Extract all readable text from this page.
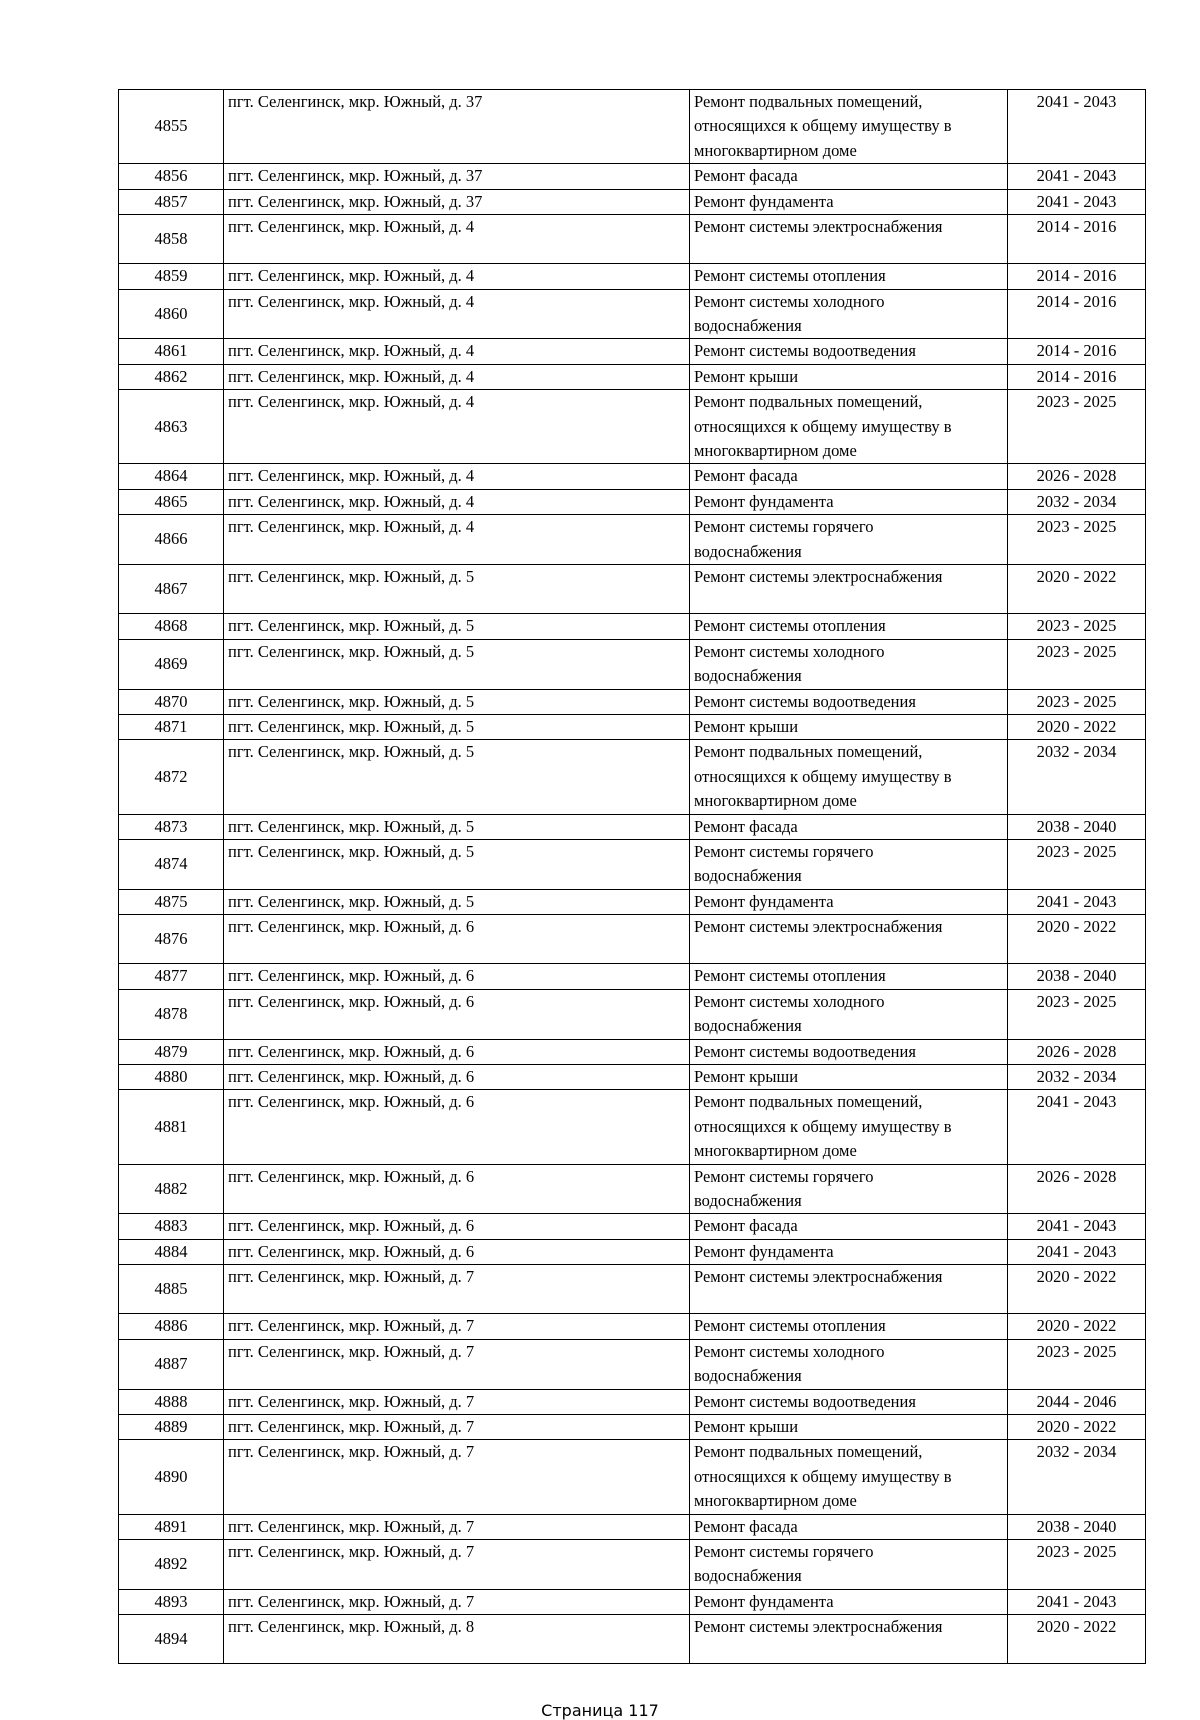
4855	пгт. Селенгинск, мкр. Южный, д. 37	Ремонт подвальных помещений,
относящихся к общему имуществу в
многоквартирном доме	2041 - 2043
4856	пгт. Селенгинск, мкр. Южный, д. 37	Ремонт фасада	2041 - 2043
4857	пгт. Селенгинск, мкр. Южный, д. 37	Ремонт фундамента	2041 - 2043
4858	пгт. Селенгинск, мкр. Южный, д. 4	Ремонт системы электроснабжения	2014 - 2016
4859	пгт. Селенгинск, мкр. Южный, д. 4	Ремонт системы отопления	2014 - 2016
4860	пгт. Селенгинск, мкр. Южный, д. 4	Ремонт системы холодного
водоснабжения	2014 - 2016
4861	пгт. Селенгинск, мкр. Южный, д. 4	Ремонт системы водоотведения	2014 - 2016
4862	пгт. Селенгинск, мкр. Южный, д. 4	Ремонт крыши	2014 - 2016
4863	пгт. Селенгинск, мкр. Южный, д. 4	Ремонт подвальных помещений,
относящихся к общему имуществу в
многоквартирном доме	2023 - 2025
4864	пгт. Селенгинск, мкр. Южный, д. 4	Ремонт фасада	2026 - 2028
4865	пгт. Селенгинск, мкр. Южный, д. 4	Ремонт фундамента	2032 - 2034
4866	пгт. Селенгинск, мкр. Южный, д. 4	Ремонт системы горячего
водоснабжения	2023 - 2025
4867	пгт. Селенгинск, мкр. Южный, д. 5	Ремонт системы электроснабжения	2020 - 2022
4868	пгт. Селенгинск, мкр. Южный, д. 5	Ремонт системы отопления	2023 - 2025
4869	пгт. Селенгинск, мкр. Южный, д. 5	Ремонт системы холодного
водоснабжения	2023 - 2025
4870	пгт. Селенгинск, мкр. Южный, д. 5	Ремонт системы водоотведения	2023 - 2025
4871	пгт. Селенгинск, мкр. Южный, д. 5	Ремонт крыши	2020 - 2022
4872	пгт. Селенгинск, мкр. Южный, д. 5	Ремонт подвальных помещений,
относящихся к общему имуществу в
многоквартирном доме	2032 - 2034
4873	пгт. Селенгинск, мкр. Южный, д. 5	Ремонт фасада	2038 - 2040
4874	пгт. Селенгинск, мкр. Южный, д. 5	Ремонт системы горячего
водоснабжения	2023 - 2025
4875	пгт. Селенгинск, мкр. Южный, д. 5	Ремонт фундамента	2041 - 2043
4876	пгт. Селенгинск, мкр. Южный, д. 6	Ремонт системы электроснабжения	2020 - 2022
4877	пгт. Селенгинск, мкр. Южный, д. 6	Ремонт системы отопления	2038 - 2040
4878	пгт. Селенгинск, мкр. Южный, д. 6	Ремонт системы холодного
водоснабжения	2023 - 2025
4879	пгт. Селенгинск, мкр. Южный, д. 6	Ремонт системы водоотведения	2026 - 2028
4880	пгт. Селенгинск, мкр. Южный, д. 6	Ремонт крыши	2032 - 2034
4881	пгт. Селенгинск, мкр. Южный, д. 6	Ремонт подвальных помещений,
относящихся к общему имуществу в
многоквартирном доме	2041 - 2043
4882	пгт. Селенгинск, мкр. Южный, д. 6	Ремонт системы горячего
водоснабжения	2026 - 2028
4883	пгт. Селенгинск, мкр. Южный, д. 6	Ремонт фасада	2041 - 2043
4884	пгт. Селенгинск, мкр. Южный, д. 6	Ремонт фундамента	2041 - 2043
4885	пгт. Селенгинск, мкр. Южный, д. 7	Ремонт системы электроснабжения	2020 - 2022
4886	пгт. Селенгинск, мкр. Южный, д. 7	Ремонт системы отопления	2020 - 2022
4887	пгт. Селенгинск, мкр. Южный, д. 7	Ремонт системы холодного
водоснабжения	2023 - 2025
4888	пгт. Селенгинск, мкр. Южный, д. 7	Ремонт системы водоотведения	2044 - 2046
4889	пгт. Селенгинск, мкр. Южный, д. 7	Ремонт крыши	2020 - 2022
4890	пгт. Селенгинск, мкр. Южный, д. 7	Ремонт подвальных помещений,
относящихся к общему имуществу в
многоквартирном доме	2032 - 2034
4891	пгт. Селенгинск, мкр. Южный, д. 7	Ремонт фасада	2038 - 2040
4892	пгт. Селенгинск, мкр. Южный, д. 7	Ремонт системы горячего
водоснабжения	2023 - 2025
4893	пгт. Селенгинск, мкр. Южный, д. 7	Ремонт фундамента	2041 - 2043
4894	пгт. Селенгинск, мкр. Южный, д. 8	Ремонт системы электроснабжения	2020 - 2022
Страница 117
